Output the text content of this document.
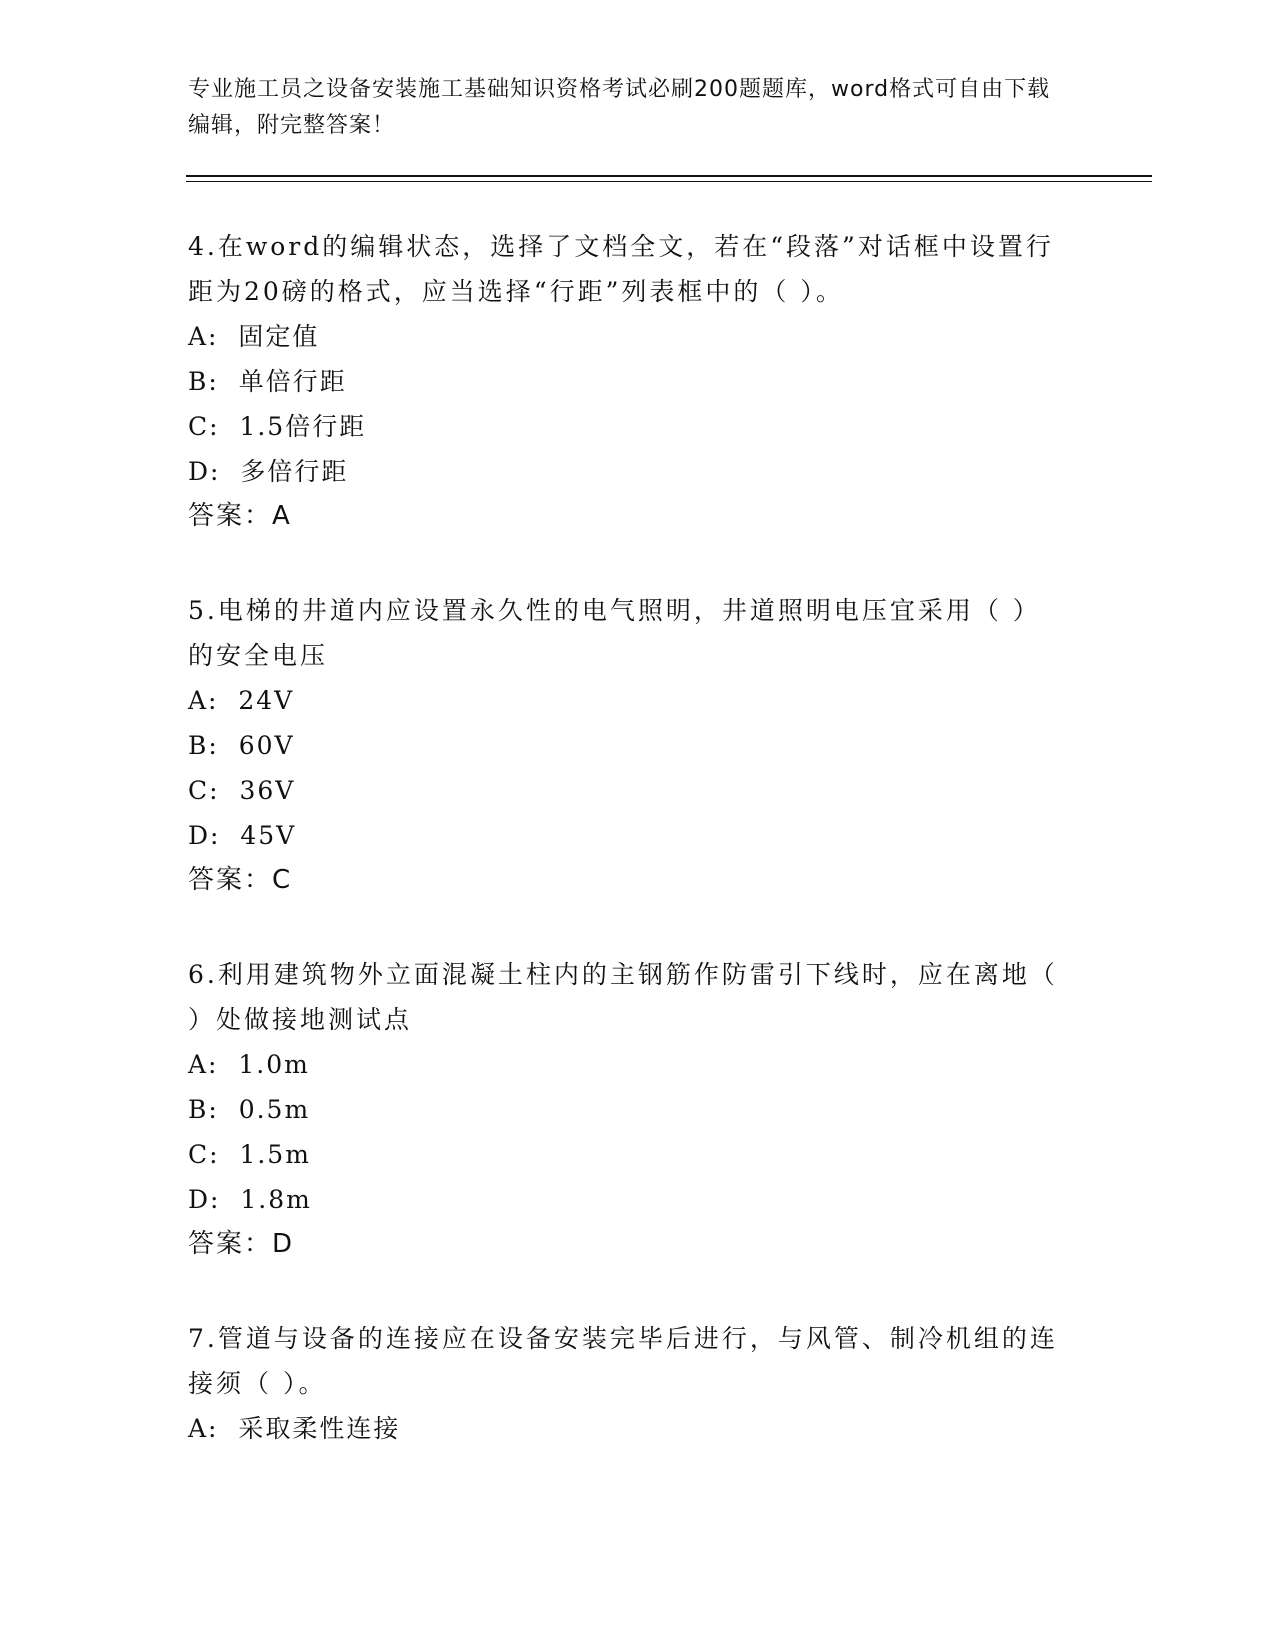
专业施工员之设备安装施工基础知识资格考试必刷200题题库，word格式可自由下载编辑，附完整答案！

4.在word的编辑状态，选择了文档全文，若在“段落”对话框中设置行距为20磅的格式，应当选择“行距”列表框中的（ ）。

A:  固定值

B:  单倍行距

C:  1.5倍行距

D:  多倍行距

答案：A

5.电梯的井道内应设置永久性的电气照明，井道照明电压宜采用（ ）的安全电压

A:  24V

B:  60V

C:  36V

D:  45V

答案：C

6.利用建筑物外立面混凝土柱内的主钢筋作防雷引下线时，应在离地（ ）处做接地测试点

A:  1.0m

B:  0.5m

C:  1.5m

D:  1.8m

答案：D

7.管道与设备的连接应在设备安装完毕后进行，与风管、制冷机组的连接须（ ）。

A:  采取柔性连接
